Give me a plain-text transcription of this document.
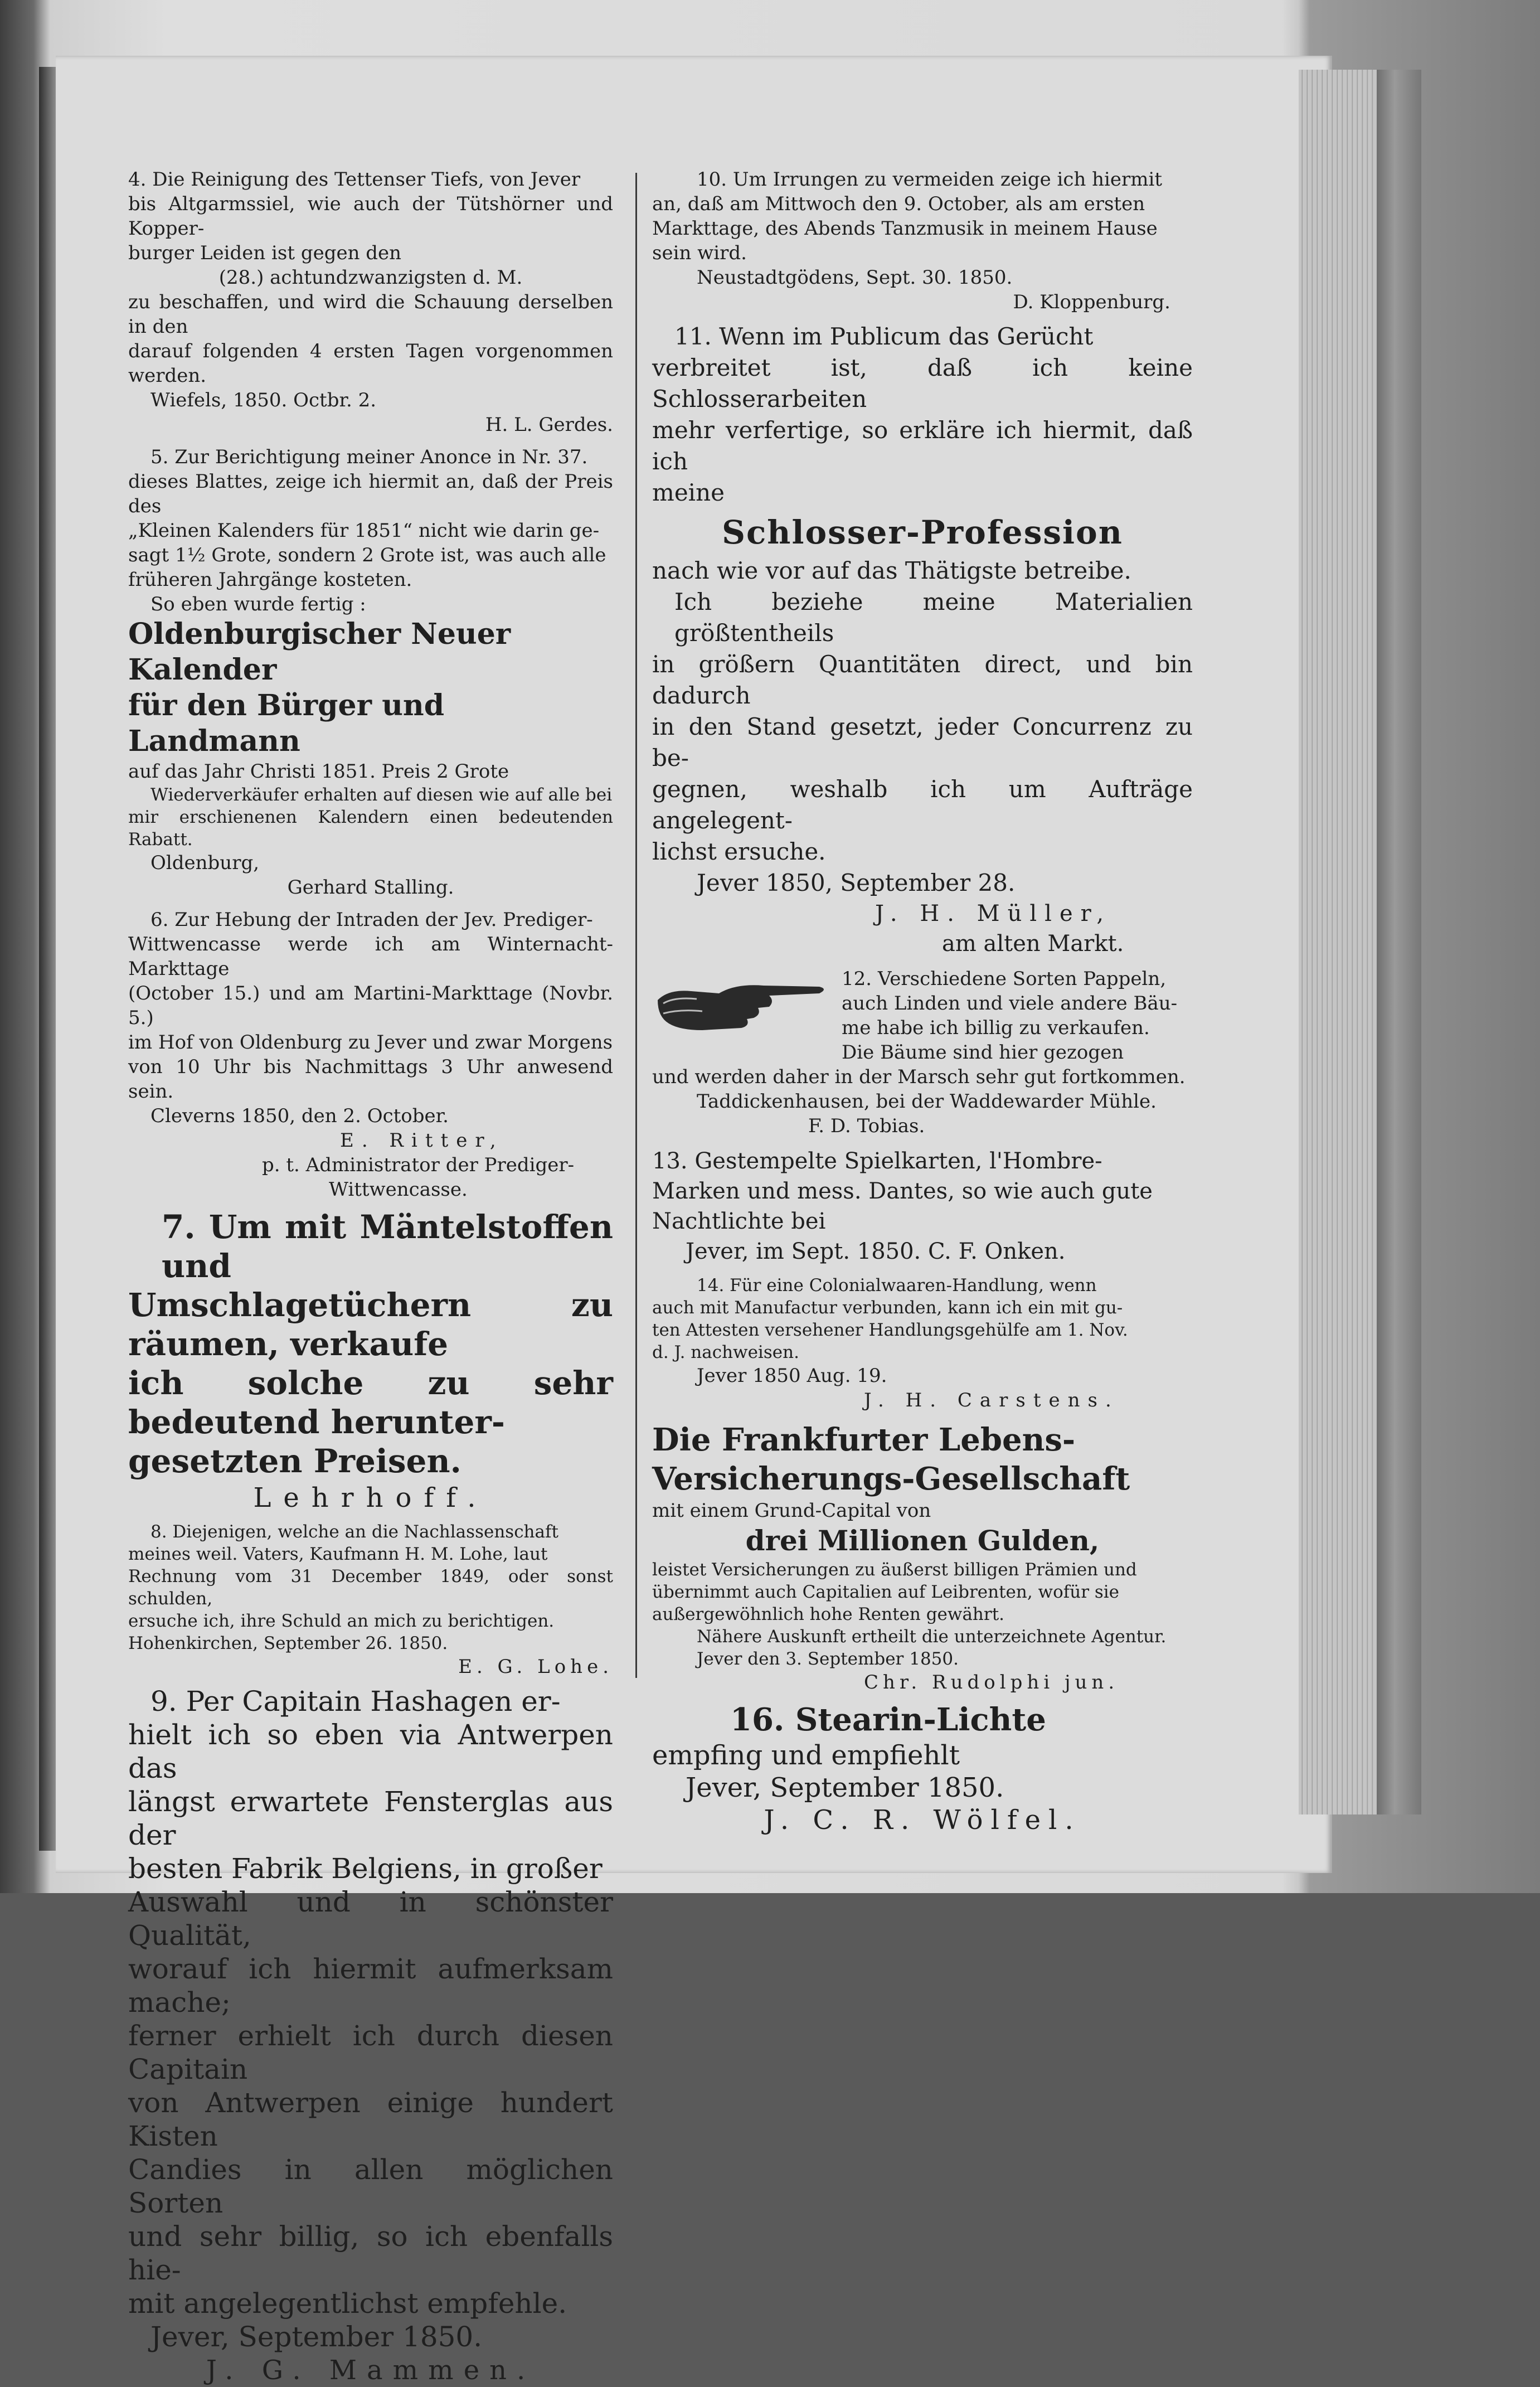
4. Die Reinigung des Tettenser Tiefs, von Jever

bis Altgarmssiel, wie auch der Tütshörner und Kopper-

burger Leiden ist gegen den

(28.) achtundzwanzigsten d. M.

zu beschaffen, und wird die Schauung derselben in den

darauf folgenden 4 ersten Tagen vorgenommen werden.

Wiefels, 1850. Octbr. 2.

H. L. Gerdes.

5. Zur Berichtigung meiner Anonce in Nr. 37.

dieses Blattes, zeige ich hiermit an, daß der Preis des

„Kleinen Kalenders für 1851“ nicht wie darin ge-

sagt 1½ Grote, sondern 2 Grote ist, was auch alle

früheren Jahrgänge kosteten.

So eben wurde fertig :

Oldenburgischer Neuer Kalender

für den Bürger und Landmann

auf das Jahr Christi 1851. Preis 2 Grote

Wiederverkäufer erhalten auf diesen wie auf alle bei

mir erschienenen Kalendern einen bedeutenden Rabatt.

Oldenburg,

Gerhard Stalling.

6. Zur Hebung der Intraden der Jev. Prediger-

Wittwencasse werde ich am Winternacht-Markttage

(October 15.) und am Martini-Markttage (Novbr. 5.)

im Hof von Oldenburg zu Jever und zwar Morgens

von 10 Uhr bis Nachmittags 3 Uhr anwesend sein.

Cleverns 1850, den 2. October.

E. Ritter,

p. t. Administrator der Prediger-

Wittwencasse.

7. Um mit Mäntelstoffen und

Umschlagetüchern zu räumen, verkaufe

ich solche zu sehr bedeutend herunter-

gesetzten Preisen.

Lehrhoff.

8. Diejenigen, welche an die Nachlassenschaft

meines weil. Vaters, Kaufmann H. M. Lohe, laut

Rechnung vom 31 December 1849, oder sonst schulden,

ersuche ich, ihre Schuld an mich zu berichtigen.

Hohenkirchen, September 26. 1850.

E. G. Lohe.

9. Per Capitain Hashagen er-

hielt ich so eben via Antwerpen das

längst erwartete Fensterglas aus der

besten Fabrik Belgiens, in großer

Auswahl und in schönster Qualität,

worauf ich hiermit aufmerksam mache;

ferner erhielt ich durch diesen Capitain

von Antwerpen einige hundert Kisten

Candies in allen möglichen Sorten

und sehr billig, so ich ebenfalls hie-

mit angelegentlichst empfehle.

Jever, September 1850.

J. G. Mammen.

10. Um Irrungen zu vermeiden zeige ich hiermit

an, daß am Mittwoch den 9. October, als am ersten

Markttage, des Abends Tanzmusik in meinem Hause

sein wird.

Neustadtgödens, Sept. 30. 1850.

D. Kloppenburg.

11. Wenn im Publicum das Gerücht

verbreitet ist, daß ich keine Schlosserarbeiten

mehr verfertige, so erkläre ich hiermit, daß ich

meine

Schlosser-Profession

nach wie vor auf das Thätigste betreibe.

Ich beziehe meine Materialien größtentheils

in größern Quantitäten direct, und bin dadurch

in den Stand gesetzt, jeder Concurrenz zu be-

gegnen, weshalb ich um Aufträge angelegent-

lichst ersuche.

Jever 1850, September 28.

J. H. Müller,

am alten Markt.

12. Verschiedene Sorten Pappeln,

auch Linden und viele andere Bäu-

me habe ich billig zu verkaufen.

Die Bäume sind hier gezogen

und werden daher in der Marsch sehr gut fortkommen.

Taddickenhausen, bei der Waddewarder Mühle.

F. D. Tobias.

13. Gestempelte Spielkarten, l'Hombre-

Marken und mess. Dantes, so wie auch gute

Nachtlichte bei

Jever, im Sept. 1850. C. F. Onken.

14. Für eine Colonialwaaren-Handlung, wenn

auch mit Manufactur verbunden, kann ich ein mit gu-

ten Attesten versehener Handlungsgehülfe am 1. Nov.

d. J. nachweisen.

Jever 1850 Aug. 19.

J. H. Carstens.

Die Frankfurter Lebens-

Versicherungs-Gesellschaft

mit einem Grund-Capital von

drei Millionen Gulden,

leistet Versicherungen zu äußerst billigen Prämien und

übernimmt auch Capitalien auf Leibrenten, wofür sie

außergewöhnlich hohe Renten gewährt.

Nähere Auskunft ertheilt die unterzeichnete Agentur.

Jever den 3. September 1850.

Chr. Rudolphi jun.

16. Stearin-Lichte

empfing und empfiehlt

Jever, September 1850.

J. C. R. Wölfel.
